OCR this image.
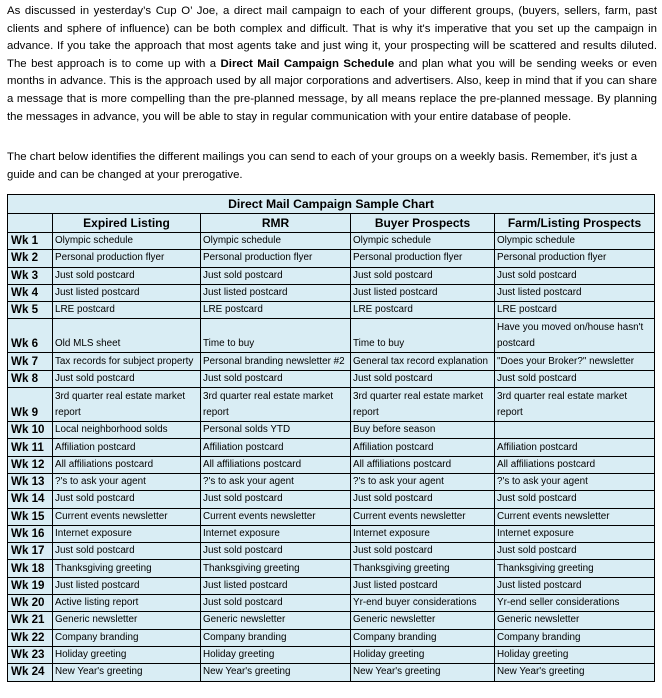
As discussed in yesterday’s Cup O’ Joe, a direct mail campaign to each of your different groups, (buyers, sellers, farm, past clients and sphere of influence) can be both complex and difficult. That is why it's imperative that you set up the campaign in advance. If you take the approach that most agents take and just wing it, your prospecting will be scattered and results diluted. The best approach is to come up with a Direct Mail Campaign Schedule and plan what you will be sending weeks or even months in advance. This is the approach used by all major corporations and advertisers. Also, keep in mind that if you can share a message that is more compelling than the pre-planned message, by all means replace the pre-planned message. By planning the messages in advance, you will be able to stay in regular communication with your entire database of people.

The chart below identifies the different mailings you can send to each of your groups on a weekly basis. Remember, it's just a guide and can be changed at your prerogative.

Direct Mail Campaign Sample Chart				
	Expired Listing	RMR	Buyer Prospects	Farm/Listing Prospects
Wk 1	Olympic schedule	Olympic schedule	Olympic schedule	Olympic schedule
Wk 2	Personal production flyer	Personal production flyer	Personal production flyer	Personal production flyer
Wk 3	Just sold postcard	Just sold postcard	Just sold postcard	Just sold postcard
Wk 4	Just listed postcard	Just listed postcard	Just listed postcard	Just listed postcard
Wk 5	LRE postcard	LRE postcard	LRE postcard	LRE postcard
Wk 6	Old MLS sheet	Time to buy	Time to buy	Have you moved on/house hasn't postcard
Wk 7	Tax records for subject property	Personal branding newsletter #2	General tax record explanation	"Does your Broker?" newsletter
Wk 8	Just sold postcard	Just sold postcard	Just sold postcard	Just sold postcard
Wk 9	3rd quarter real estate market report	3rd quarter real estate market report	3rd quarter real estate market report	3rd quarter real estate market report
Wk 10	Local neighborhood solds	Personal solds YTD	Buy before season	
Wk 11	Affiliation postcard	Affiliation postcard	Affiliation postcard	Affiliation postcard
Wk 12	All affiliations postcard	All affiliations postcard	All affiliations postcard	All affiliations postcard
Wk 13	?'s to ask your agent	?'s to ask your agent	?'s to ask your agent	?'s to ask your agent
Wk 14	Just sold postcard	Just sold postcard	Just sold postcard	Just sold postcard
Wk 15	Current events newsletter	Current events newsletter	Current events newsletter	Current events newsletter
Wk 16	Internet exposure	Internet exposure	Internet exposure	Internet exposure
Wk 17	Just sold postcard	Just sold postcard	Just sold postcard	Just sold postcard
Wk 18	Thanksgiving greeting	Thanksgiving greeting	Thanksgiving greeting	Thanksgiving greeting
Wk 19	Just listed postcard	Just listed postcard	Just listed postcard	Just listed postcard
Wk 20	Active listing report	Just sold postcard	Yr-end buyer considerations	Yr-end seller considerations
Wk 21	Generic newsletter	Generic newsletter	Generic newsletter	Generic newsletter
Wk 22	Company branding	Company branding	Company branding	Company branding
Wk 23	Holiday greeting	Holiday greeting	Holiday greeting	Holiday greeting
Wk 24	New Year's greeting	New Year's greeting	New Year's greeting	New Year's greeting
